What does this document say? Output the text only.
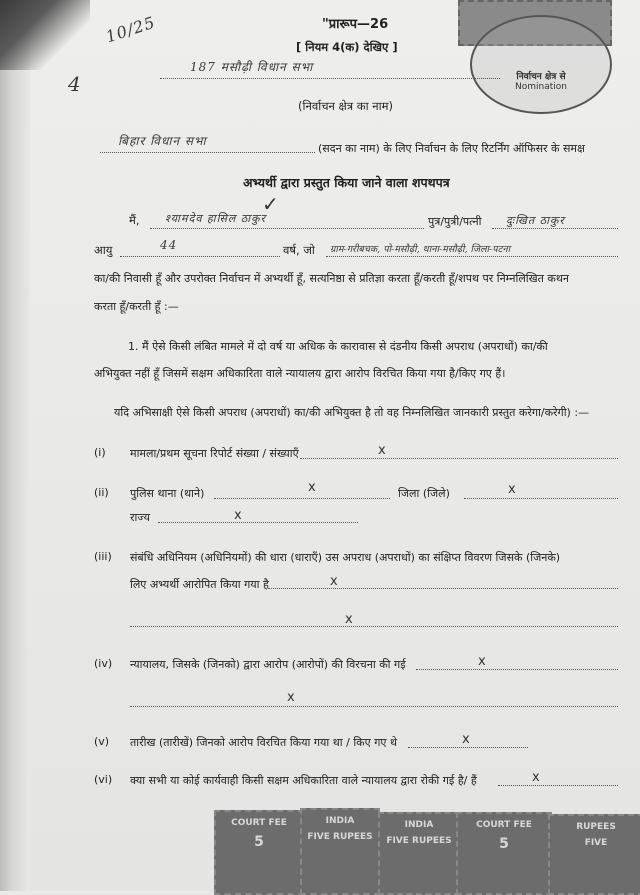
निर्वाचन क्षेत्र से
Nomination
10/25
4
"प्रारूप—26
[ नियम 4(क) देखिए ]
187 मसौढ़ी विधान सभा
(निर्वाचन क्षेत्र का नाम)
बिहार विधान सभा
(सदन का नाम) के लिए निर्वाचन के लिए रिटर्निंग ऑफिसर के समक्ष
अभ्यर्थी द्वारा प्रस्तुत किया जाने वाला शपथपत्र
मैं, श्यामदेव हासिल ठाकुर
✓
पुत्र/पुत्री/पत्नी दुःखित ठाकुर
आयु	44	वर्ष, जो ग्राम-गरीबचक, पो-मसौढ़ी, थाना-मसौढ़ी, जिला-पटना
का/की निवासी हूँ और उपरोक्त निर्वाचन में अभ्यर्थी हूँ, सत्यनिष्ठा से प्रतिज्ञा करता हूँ/करती हूँ/शपथ पर निम्नलिखित कथन
करता हूँ/करती हूँ :—
1. मैं ऐसे किसी लंबित मामले में दो वर्ष या अधिक के कारावास से दंडनीय किसी अपराध (अपराधों) का/की
अभियुक्त नहीं हूँ जिसमें सक्षम अधिकारिता वाले न्यायालय द्वारा आरोप विरचित किया गया है/किए गए हैं।
यदि अभिसाक्षी ऐसे किसी अपराध (अपराधों) का/की अभियुक्त है तो वह निम्नलिखित जानकारी प्रस्तुत करेगा/करेगी) :—
(i) मामला/प्रथम सूचना रिपोर्ट संख्या / संख्याएँ	x
(ii) पुलिस थाना (थाने)	x	जिला (जिले)	x
राज्य	x
(iii) संबंधि अधिनियम (अधिनियमों) की धारा (धाराएँ) उस अपराध (अपराधों) का संक्षिप्त विवरण जिसके (जिनके)
लिए अभ्यर्थी आरोपित किया गया है	x
x
(iv) न्यायालय, जिसके (जिनको) द्वारा आरोप (आरोपों) की विरचना की गई	x
x
(v) तारीख (तारीखें) जिनको आरोप विरचित किया गया था / किए गए थे	x
(vi) क्या सभी या कोई कार्यवाही किसी सक्षम अधिकारिता वाले न्यायालय द्वारा रोकी गई है/ हैं	x
COURT FEE
5
INDIA
FIVE RUPEES
INDIA
FIVE RUPEES
COURT FEE
5
RUPEES
FIVE
